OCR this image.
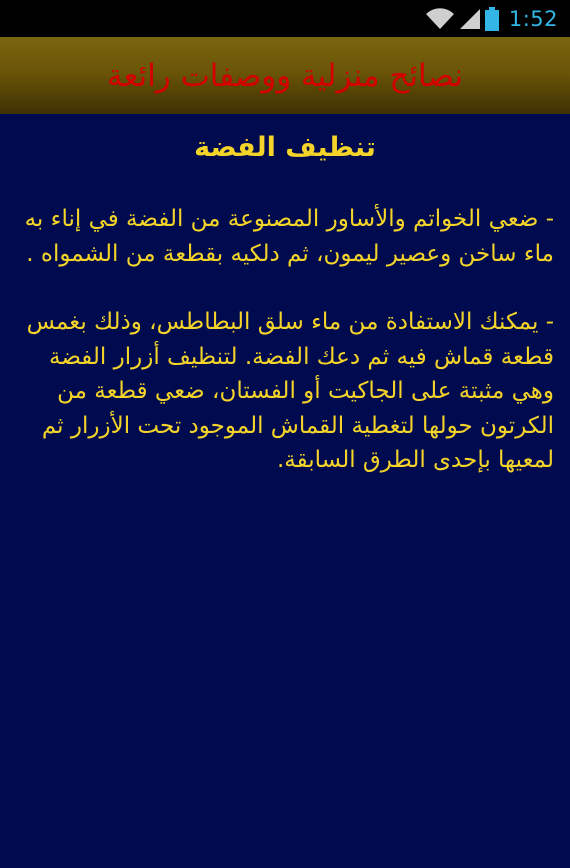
1:52
نصائح منزلية ووصفات رائعة
تنظيف الفضة

- ضعي الخواتم والأساور المصنوعة من الفضة في إناء به ماء ساخن وعصير ليمون، ثم دلكيه بقطعة من الشمواه .

- يمكنك الاستفادة من ماء سلق البطاطس، وذلك بغمس قطعة قماش فيه ثم دعك الفضة. لتنظيف أزرار الفضة وهي مثبتة على الجاكيت أو الفستان، ضعي قطعة من الكرتون حولها لتغطية القماش الموجود تحت الأزرار ثم لمعيها بإحدى الطرق السابقة.
